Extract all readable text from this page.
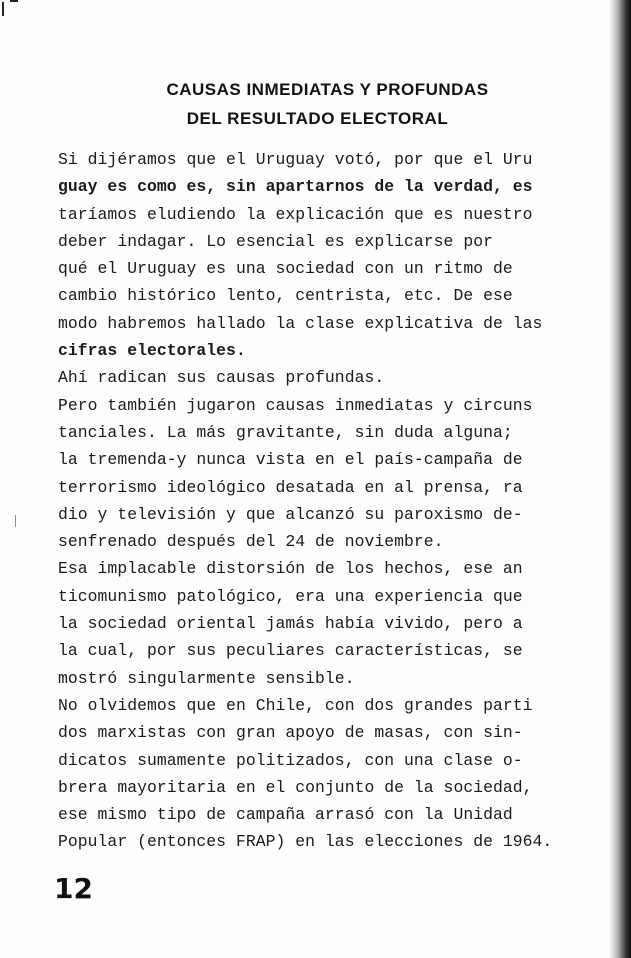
CAUSAS INMEDIATAS Y PROFUNDAS
DEL RESULTADO ELECTORAL
Si dijéramos que el Uruguay votó, por que el Uru
guay es como es, sin apartarnos de la verdad, es
taríamos eludiendo la explicación que es nuestro
deber indagar. Lo esencial es explicarse por
qué el Uruguay es una sociedad con un ritmo de
cambio histórico lento, centrista, etc. De ese
modo habremos hallado la clase explicativa de las
cifras electorales.
Ahí radican sus causas profundas.
Pero también jugaron causas inmediatas y circuns
tanciales. La más gravitante, sin duda alguna;
la tremenda-y nunca vista en el país-campaña de
terrorismo ideológico desatada en al prensa, ra
dio y televisión y que alcanzó su paroxismo de-
senfrenado después del 24 de noviembre.
Esa implacable distorsión de los hechos, ese an
ticomunismo patológico, era una experiencia que
la sociedad oriental jamás había vivido, pero a
la cual, por sus peculiares características, se
mostró singularmente sensible.
No olvidemos que en Chile, con dos grandes parti
dos marxistas con gran apoyo de masas, con sin-
dicatos sumamente politizados, con una clase o-
brera mayoritaria en el conjunto de la sociedad,
ese mismo tipo de campaña arrasó con la Unidad
Popular (entonces FRAP) en las elecciones de 1964.
12
